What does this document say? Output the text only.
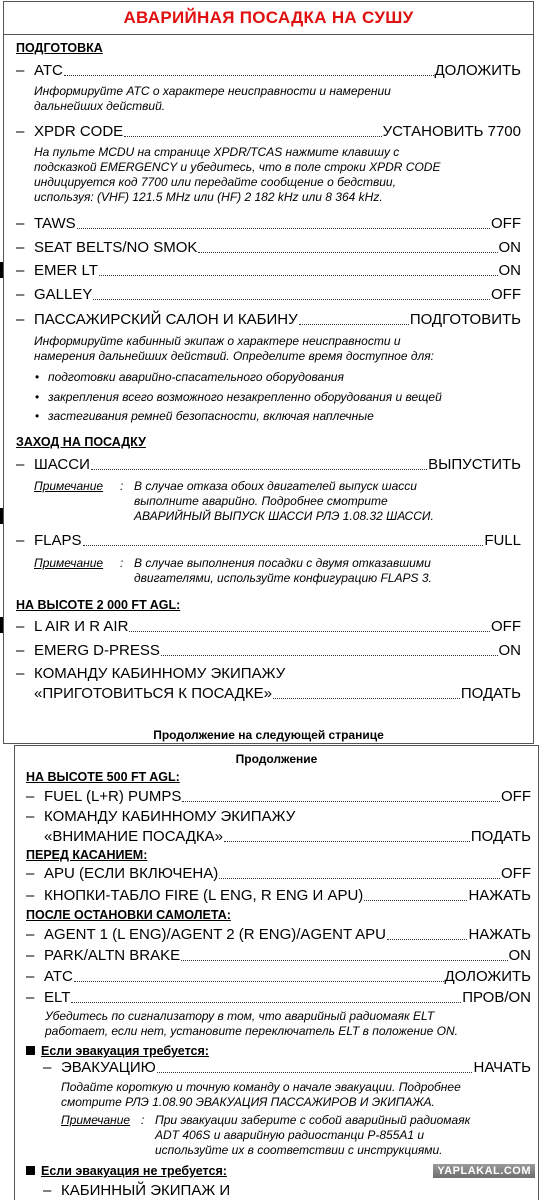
АВАРИЙНАЯ ПОСАДКА НА СУШУ
ПОДГОТОВКА
– ATC	ДОЛОЖИТЬ
Информируйте ATC о характере неисправности и намерении
дальнейших действий.
– XPDR CODE	УСТАНОВИТЬ 7700
На пульте MCDU на странице XPDR/TCAS нажмите клавишу с
подсказкой EMERGENCY и убедитесь, что в поле строки XPDR CODE
индицируется код 7700 или передайте сообщение о бедствии,
используя: (VHF) 121.5 MHz или (HF) 2 182 kHz или 8 364 kHz.
– TAWS	OFF
– SEAT BELTS/NO SMOK	ON
– EMER LT	ON
– GALLEY	OFF
– ПАССАЖИРСКИЙ САЛОН И КАБИНУ	ПОДГОТОВИТЬ
Информируйте кабинный экипаж о характере неисправности и
намерения дальнейших действий. Определите время доступное для:
• подготовки аварийно-спасательного оборудования
• закрепления всего возможного незакрепленно оборудования и вещей
• застегивания ремней безопасности, включая наплечные
ЗАХОД НА ПОСАДКУ
– ШАССИ	ВЫПУСТИТЬ
Примечание	: В случае отказа обоих двигателей выпуск шасси
выполните аварийно. Подробнее смотрите
АВАРИЙНЫЙ ВЫПУСК ШАССИ РЛЭ 1.08.32 ШАССИ.
– FLAPS	FULL
Примечание	: В случае выполнения посадки с двумя отказавшими
двигателями, используйте конфигурацию FLAPS 3.
НА ВЫСОТЕ 2 000 FT AGL:
– L AIR И R AIR	OFF
– EMERG D-PRESS	ON
– КОМАНДУ КАБИННОМУ ЭКИПАЖУ
«ПРИГОТОВИТЬСЯ К ПОСАДКЕ»	ПОДАТЬ
Продолжение на следующей странице
Продолжение
НА ВЫСОТЕ 500 FT AGL:
– FUEL (L+R) PUMPS	OFF
– КОМАНДУ КАБИННОМУ ЭКИПАЖУ
«ВНИМАНИЕ ПОСАДКА»	ПОДАТЬ
ПЕРЕД КАСАНИЕМ:
– APU (ЕСЛИ ВКЛЮЧЕНА)	OFF
– КНОПКИ-ТАБЛО FIRE (L ENG, R ENG И APU)	НАЖАТЬ
ПОСЛЕ ОСТАНОВКИ САМОЛЕТА:
– AGENT 1 (L ENG)/AGENT 2 (R ENG)/AGENT APU	НАЖАТЬ
– PARK/ALTN BRAKE	ON
– ATC	ДОЛОЖИТЬ
– ELT	ПРОВ/ON
Убедитесь по сигнализатору в том, что аварийный радиомаяк ELT
работает, если нет, установите переключатель ELT в положение ON.
Если эвакуация требуется:
– ЭВАКУАЦИЮ	НАЧАТЬ
Подайте короткую и точную команду о начале эвакуации. Подробнее
смотрите РЛЭ 1.08.90 ЭВАКУАЦИЯ ПАССАЖИРОВ И ЭКИПАЖА.
Примечание : При эвакуации заберите с собой аварийный радиомаяк
ADT 406S и аварийную радиостанци Р-855А1 и
используйте их в соответствии с инструкциями.
Если эвакуация не требуется:
– КАБИННЫЙ ЭКИПАЖ И
YAPLAKAL.COM
